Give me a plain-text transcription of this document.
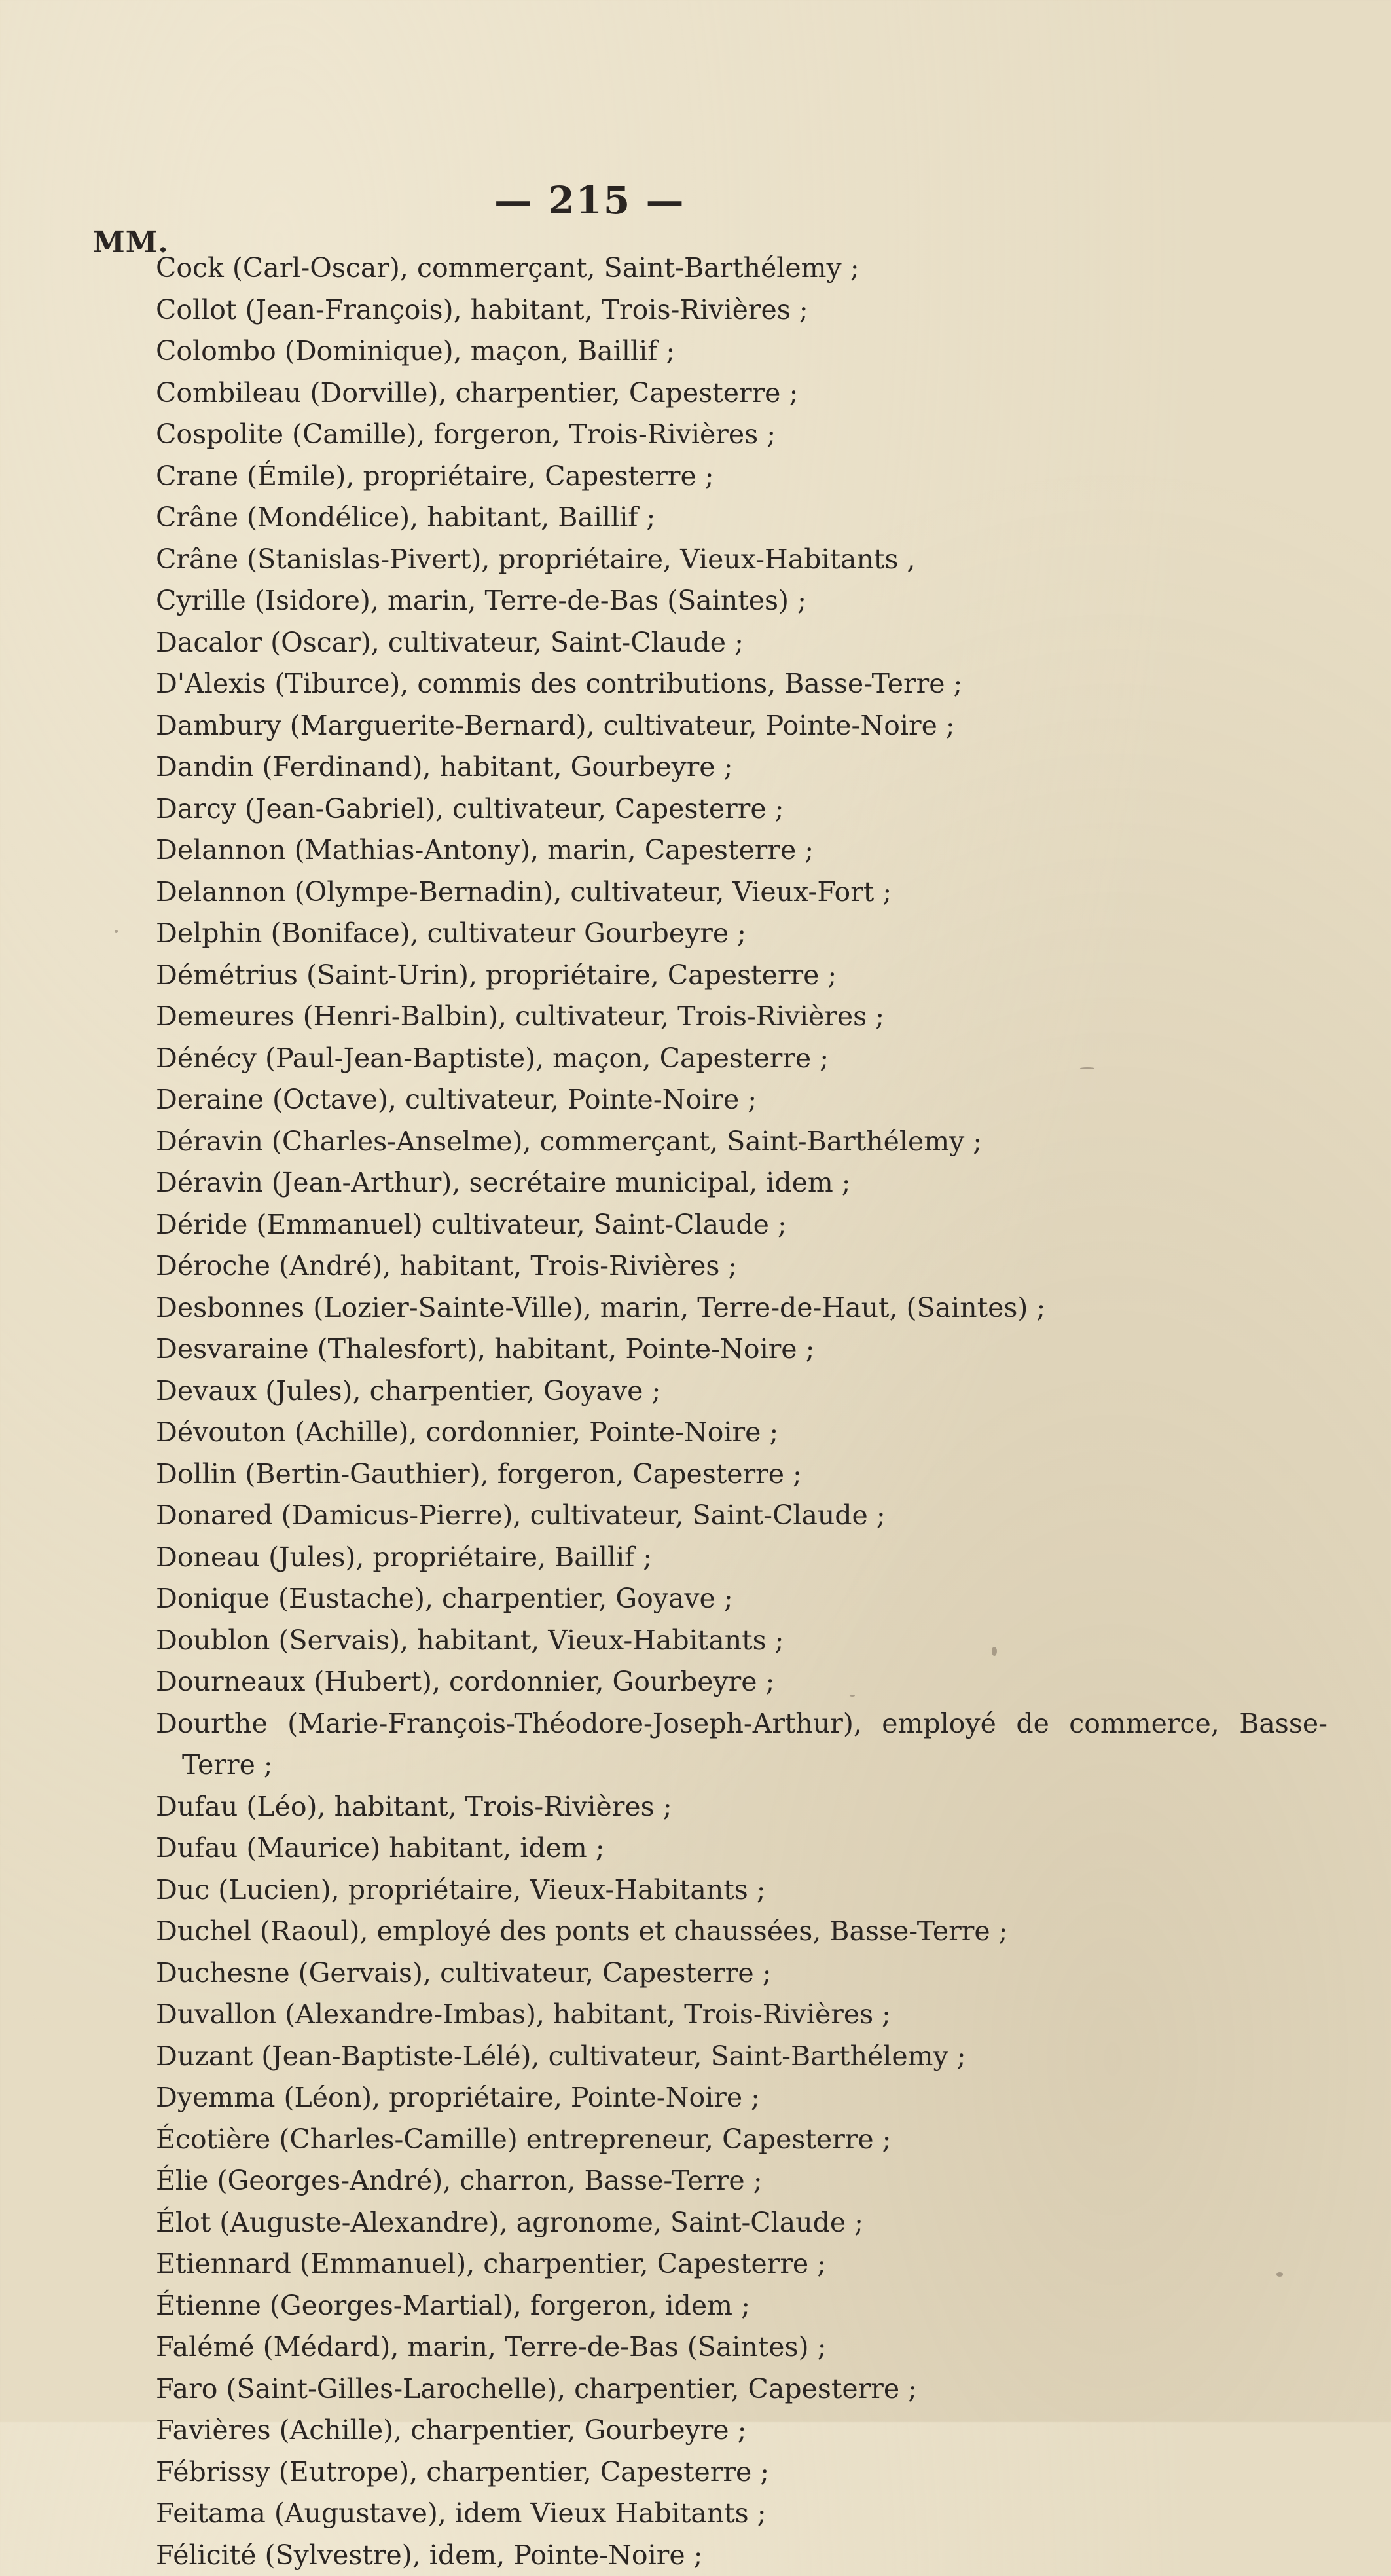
— 215 —
MM.
Cock (Carl-Oscar), commerçant, Saint-Barthélemy ;
Collot (Jean-François), habitant, Trois-Rivières ;
Colombo (Dominique), maçon, Baillif ;
Combileau (Dorville), charpentier, Capesterre ;
Cospolite (Camille), forgeron, Trois-Rivières ;
Crane (Émile), propriétaire, Capesterre ;
Crâne (Mondélice), habitant, Baillif ;
Crâne (Stanislas-Pivert), propriétaire, Vieux-Habitants ,
Cyrille (Isidore), marin, Terre-de-Bas (Saintes) ;
Dacalor (Oscar), cultivateur, Saint-Claude ;
D'Alexis (Tiburce), commis des contributions, Basse-Terre ;
Dambury (Marguerite-Bernard), cultivateur, Pointe-Noire ;
Dandin (Ferdinand), habitant, Gourbeyre ;
Darcy (Jean-Gabriel), cultivateur, Capesterre ;
Delannon (Mathias-Antony), marin, Capesterre ;
Delannon (Olympe-Bernadin), cultivateur, Vieux-Fort ;
Delphin (Boniface), cultivateur Gourbeyre ;
Démétrius (Saint-Urin), propriétaire, Capesterre ;
Demeures (Henri-Balbin), cultivateur, Trois-Rivières ;
Dénécy (Paul-Jean-Baptiste), maçon, Capesterre ;
Deraine (Octave), cultivateur, Pointe-Noire ;
Déravin (Charles-Anselme), commerçant, Saint-Barthélemy ;
Déravin (Jean-Arthur), secrétaire municipal, idem ;
Déride (Emmanuel) cultivateur, Saint-Claude ;
Déroche (André), habitant, Trois-Rivières ;
Desbonnes (Lozier-Sainte-Ville), marin, Terre-de-Haut, (Saintes) ;
Desvaraine (Thalesfort), habitant, Pointe-Noire ;
Devaux (Jules), charpentier, Goyave ;
Dévouton (Achille), cordonnier, Pointe-Noire ;
Dollin (Bertin-Gauthier), forgeron, Capesterre ;
Donared (Damicus-Pierre), cultivateur, Saint-Claude ;
Doneau (Jules), propriétaire, Baillif ;
Donique (Eustache), charpentier, Goyave ;
Doublon (Servais), habitant, Vieux-Habitants ;
Dourneaux (Hubert), cordonnier, Gourbeyre ;
Dourthe (Marie-François-Théodore-Joseph-Arthur), employé de commerce, Basse-Terre ;
Dufau (Léo), habitant, Trois-Rivières ;
Dufau (Maurice) habitant, idem ;
Duc (Lucien), propriétaire, Vieux-Habitants ;
Duchel (Raoul), employé des ponts et chaussées, Basse-Terre ;
Duchesne (Gervais), cultivateur, Capesterre ;
Duvallon (Alexandre-Imbas), habitant, Trois-Rivières ;
Duzant (Jean-Baptiste-Lélé), cultivateur, Saint-Barthélemy ;
Dyemma (Léon), propriétaire, Pointe-Noire ;
Écotière (Charles-Camille) entrepreneur, Capesterre ;
Élie (Georges-André), charron, Basse-Terre ;
Élot (Auguste-Alexandre), agronome, Saint-Claude ;
Etiennard (Emmanuel), charpentier, Capesterre ;
Étienne (Georges-Martial), forgeron, idem ;
Falémé (Médard), marin, Terre-de-Bas (Saintes) ;
Faro (Saint-Gilles-Larochelle), charpentier, Capesterre ;
Favières (Achille), charpentier, Gourbeyre ;
Fébrissy (Eutrope), charpentier, Capesterre ;
Feitama (Augustave), idem Vieux Habitants ;
Félicité (Sylvestre), idem, Pointe-Noire ;
